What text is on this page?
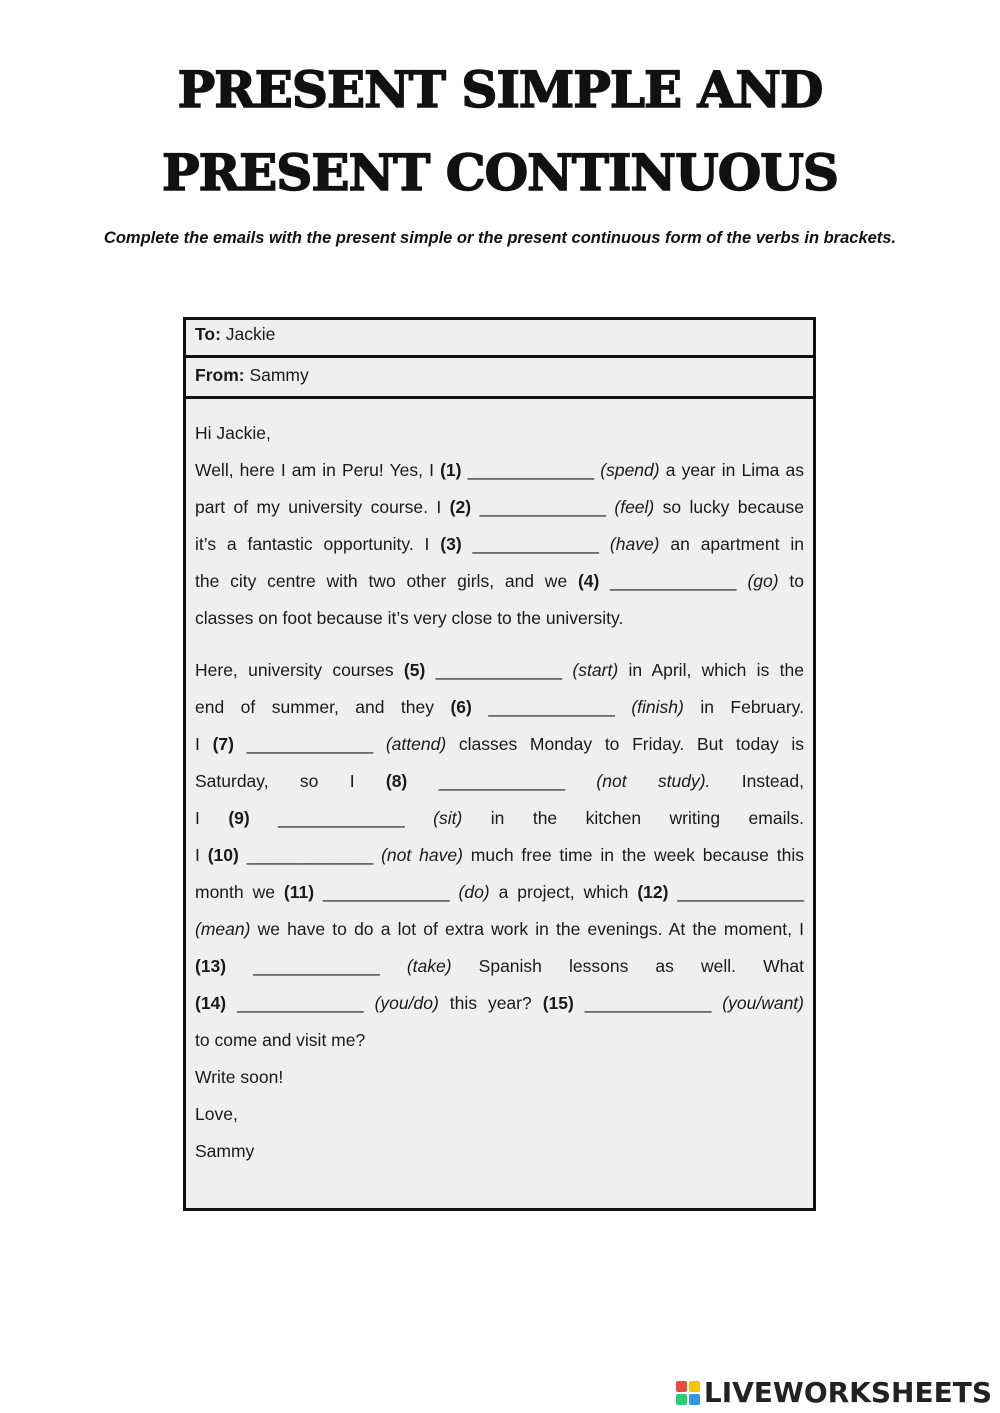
PRESENT SIMPLE AND
PRESENT CONTINUOUS
Complete the emails with the present simple or the present continuous form of the verbs in brackets.
To: Jackie
From: Sammy
Hi Jackie,
Well, here I am in Peru! Yes, I (1) _____________ (spend) a year in Lima as
part of my university course. I (2) _____________ (feel) so lucky because
it’s a fantastic opportunity. I (3) _____________ (have) an apartment in
the city centre with two other girls, and we (4) _____________ (go) to
classes on foot because it’s very close to the university.
Here, university courses (5) _____________ (start) in April, which is the
end of summer, and they (6) _____________ (finish) in February.
I (7) _____________ (attend) classes Monday to Friday. But today is
Saturday, so I (8) _____________ (not study). Instead,
I (9) _____________ (sit) in the kitchen writing emails.
I (10) _____________ (not have) much free time in the week because this
month we (11) _____________ (do) a project, which (12) _____________
(mean) we have to do a lot of extra work in the evenings. At the moment, I
(13) _____________ (take) Spanish lessons as well. What
(14) _____________ (you/do) this year? (15) _____________ (you/want)
to come and visit me?
Write soon!
Love,
Sammy
LIVEWORKSHEETS
